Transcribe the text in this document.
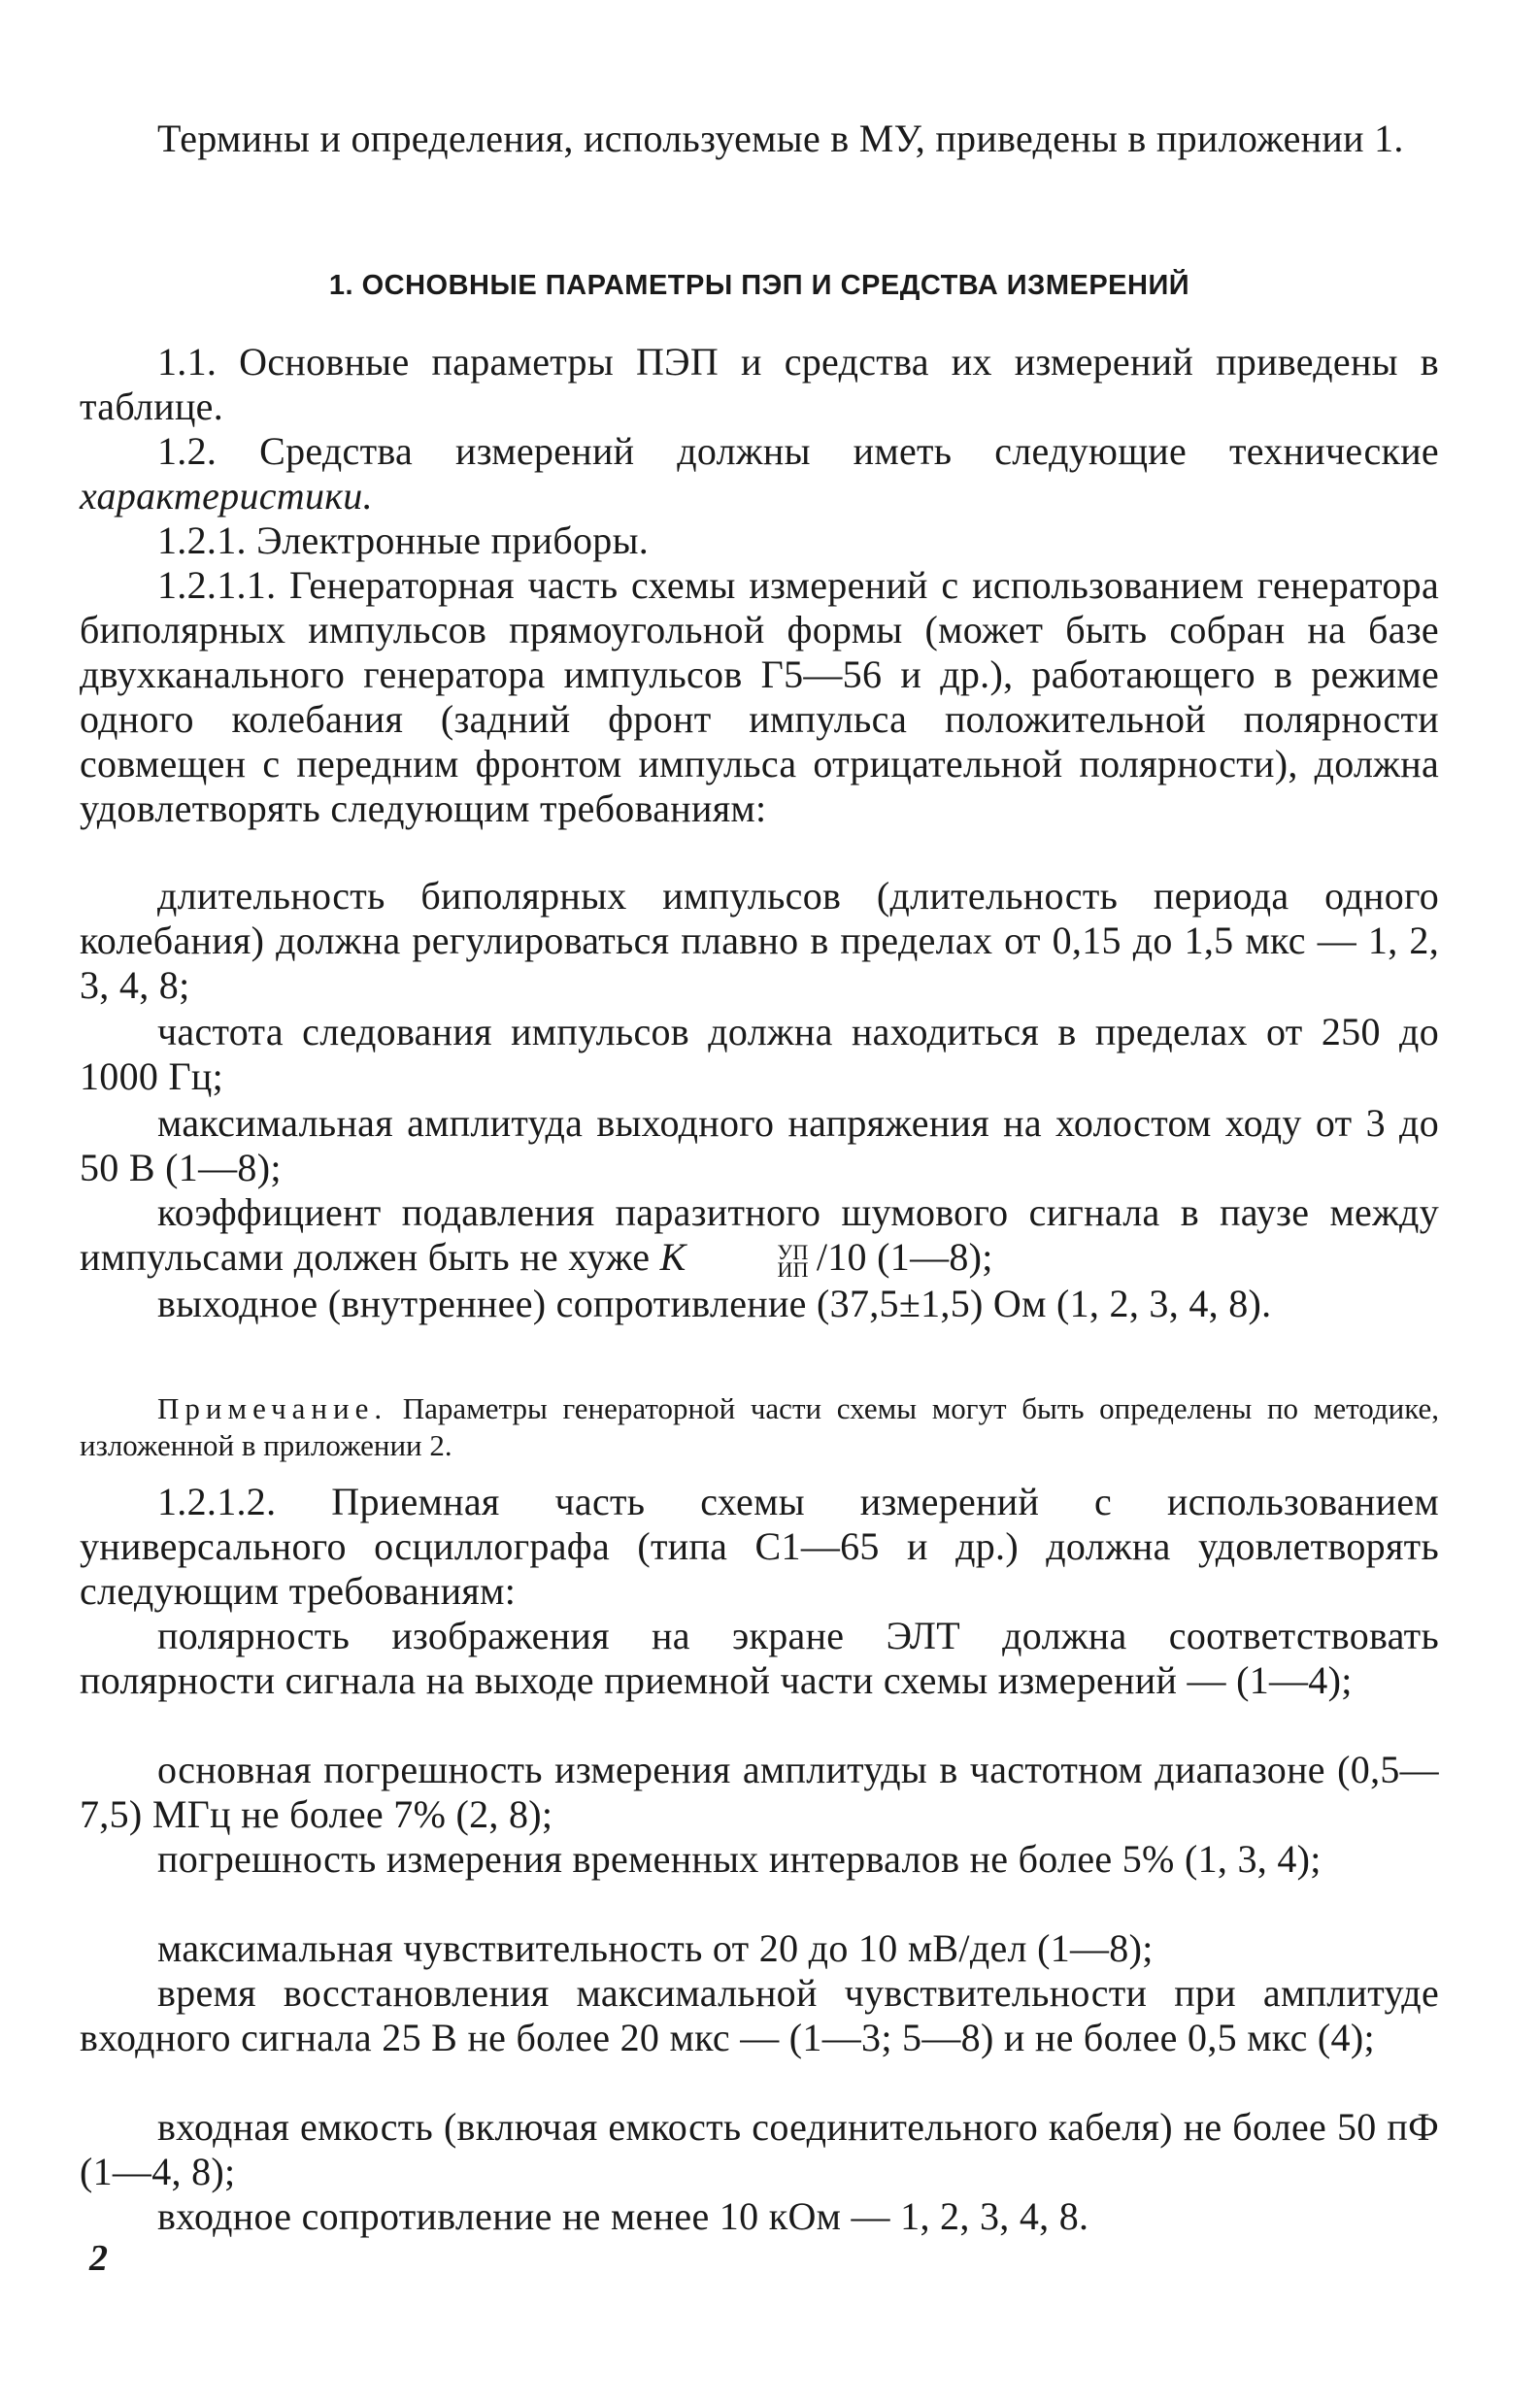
Термины и определения, используемые в МУ, приведены в приложении 1.
1. ОСНОВНЫЕ ПАРАМЕТРЫ ПЭП И СРЕДСТВА ИЗМЕРЕНИЙ
1.1. Основные параметры ПЭП и средства их измерений приведены в таблице.
1.2. Средства измерений должны иметь следующие технические характеристики.
1.2.1. Электронные приборы.
1.2.1.1. Генераторная часть схемы измерений с использованием генератора биполярных импульсов прямоугольной формы (может быть собран на базе двухканального генератора импульсов Г5—56 и др.), работающего в режиме одного колебания (задний фронт импульса положительной полярности совмещен с передним фронтом импульса отрицательной полярности), должна удовлетворять следующим требованиям:
длительность биполярных импульсов (длительность периода одного колебания) должна регулироваться плавно в пределах от 0,15 до 1,5 мкс — 1, 2, 3, 4, 8;
частота следования импульсов должна находиться в пределах от 250 до 1000 Гц;
максимальная амплитуда выходного напряжения на холостом ходу от 3 до 50 В (1—8);
коэффициент подавления паразитного шумового сигнала в паузе между импульсами должен быть не хуже К	УП
ИП /10 (1—8);
выходное (внутреннее) сопротивление (37,5±1,5) Ом (1, 2, 3, 4, 8).
Примечание. Параметры генераторной части схемы могут быть определены по методике, изложенной в приложении 2.
1.2.1.2. Приемная часть схемы измерений с использованием универсального осциллографа (типа С1—65 и др.) должна удовлетворять следующим требованиям:
полярность изображения на экране ЭЛТ должна соответствовать полярности сигнала на выходе приемной части схемы измерений — (1—4);
основная погрешность измерения амплитуды в частотном диапазоне (0,5—7,5) МГц не более 7% (2, 8);
погрешность измерения временных интервалов не более 5% (1, 3, 4);
максимальная чувствительность от 20 до 10 мВ/дел (1—8);
время восстановления максимальной чувствительности при амплитуде входного сигнала 25 В не более 20 мкс — (1—3; 5—8) и не более 0,5 мкс (4);
входная емкость (включая емкость соединительного кабеля) не более 50 пФ (1—4, 8);
входное сопротивление не менее 10 кОм — 1, 2, 3, 4, 8.
2
